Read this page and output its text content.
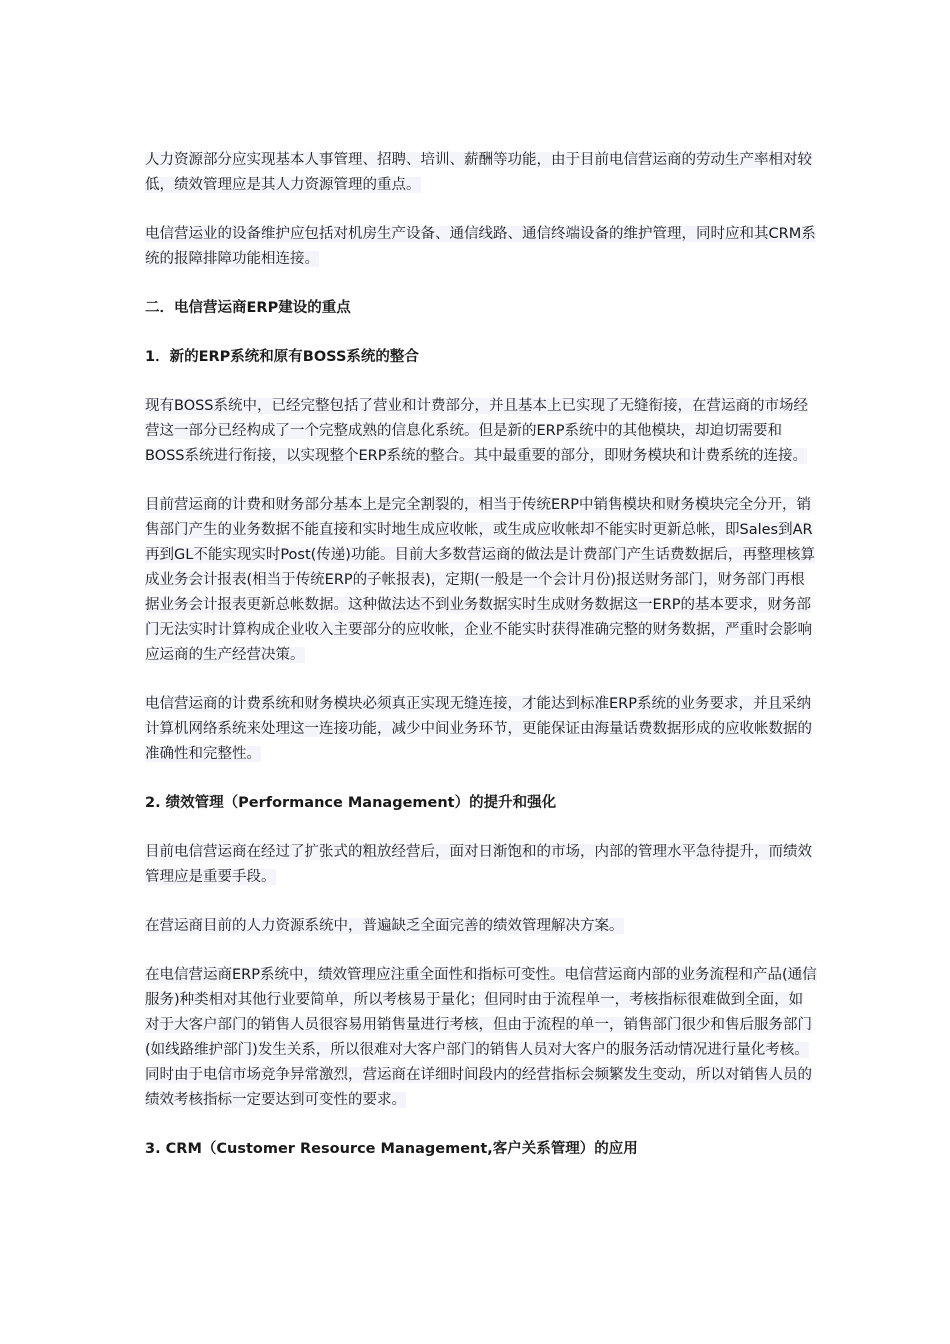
人力资源部分应实现基本人事管理、招聘、培训、薪酬等功能，由于目前电信营运商的劳动生产率相对较低，绩效管理应是其人力资源管理的重点。

电信营运业的设备维护应包括对机房生产设备、通信线路、通信终端设备的维护管理，同时应和其CRM系统的报障排障功能相连接。

二．电信营运商ERP建设的重点

1．新的ERP系统和原有BOSS系统的整合

现有BOSS系统中，已经完整包括了营业和计费部分，并且基本上已实现了无缝衔接，在营运商的市场经营这一部分已经构成了一个完整成熟的信息化系统。但是新的ERP系统中的其他模块，却迫切需要和BOSS系统进行衔接，以实现整个ERP系统的整合。其中最重要的部分，即财务模块和计费系统的连接。

目前营运商的计费和财务部分基本上是完全割裂的，相当于传统ERP中销售模块和财务模块完全分开，销售部门产生的业务数据不能直接和实时地生成应收帐，或生成应收帐却不能实时更新总帐，即Sales到AR再到GL不能实现实时Post(传递)功能。目前大多数营运商的做法是计费部门产生话费数据后，再整理核算成业务会计报表(相当于传统ERP的子帐报表)，定期(一般是一个会计月份)报送财务部门，财务部门再根据业务会计报表更新总帐数据。这种做法达不到业务数据实时生成财务数据这一ERP的基本要求，财务部门无法实时计算构成企业收入主要部分的应收帐，企业不能实时获得准确完整的财务数据，严重时会影响应运商的生产经营决策。

电信营运商的计费系统和财务模块必须真正实现无缝连接，才能达到标准ERP系统的业务要求，并且采纳计算机网络系统来处理这一连接功能，减少中间业务环节，更能保证由海量话费数据形成的应收帐数据的准确性和完整性。

2. 绩效管理（Performance Management）的提升和强化

目前电信营运商在经过了扩张式的粗放经营后，面对日渐饱和的市场，内部的管理水平急待提升，而绩效管理应是重要手段。

在营运商目前的人力资源系统中，普遍缺乏全面完善的绩效管理解决方案。

在电信营运商ERP系统中，绩效管理应注重全面性和指标可变性。电信营运商内部的业务流程和产品(通信服务)种类相对其他行业要简单，所以考核易于量化；但同时由于流程单一，考核指标很难做到全面，如对于大客户部门的销售人员很容易用销售量进行考核，但由于流程的单一，销售部门很少和售后服务部门(如线路维护部门)发生关系，所以很难对大客户部门的销售人员对大客户的服务活动情况进行量化考核。同时由于电信市场竞争异常激烈，营运商在详细时间段内的经营指标会频繁发生变动，所以对销售人员的绩效考核指标一定要达到可变性的要求。

3. CRM（Customer Resource Management,客户关系管理）的应用
